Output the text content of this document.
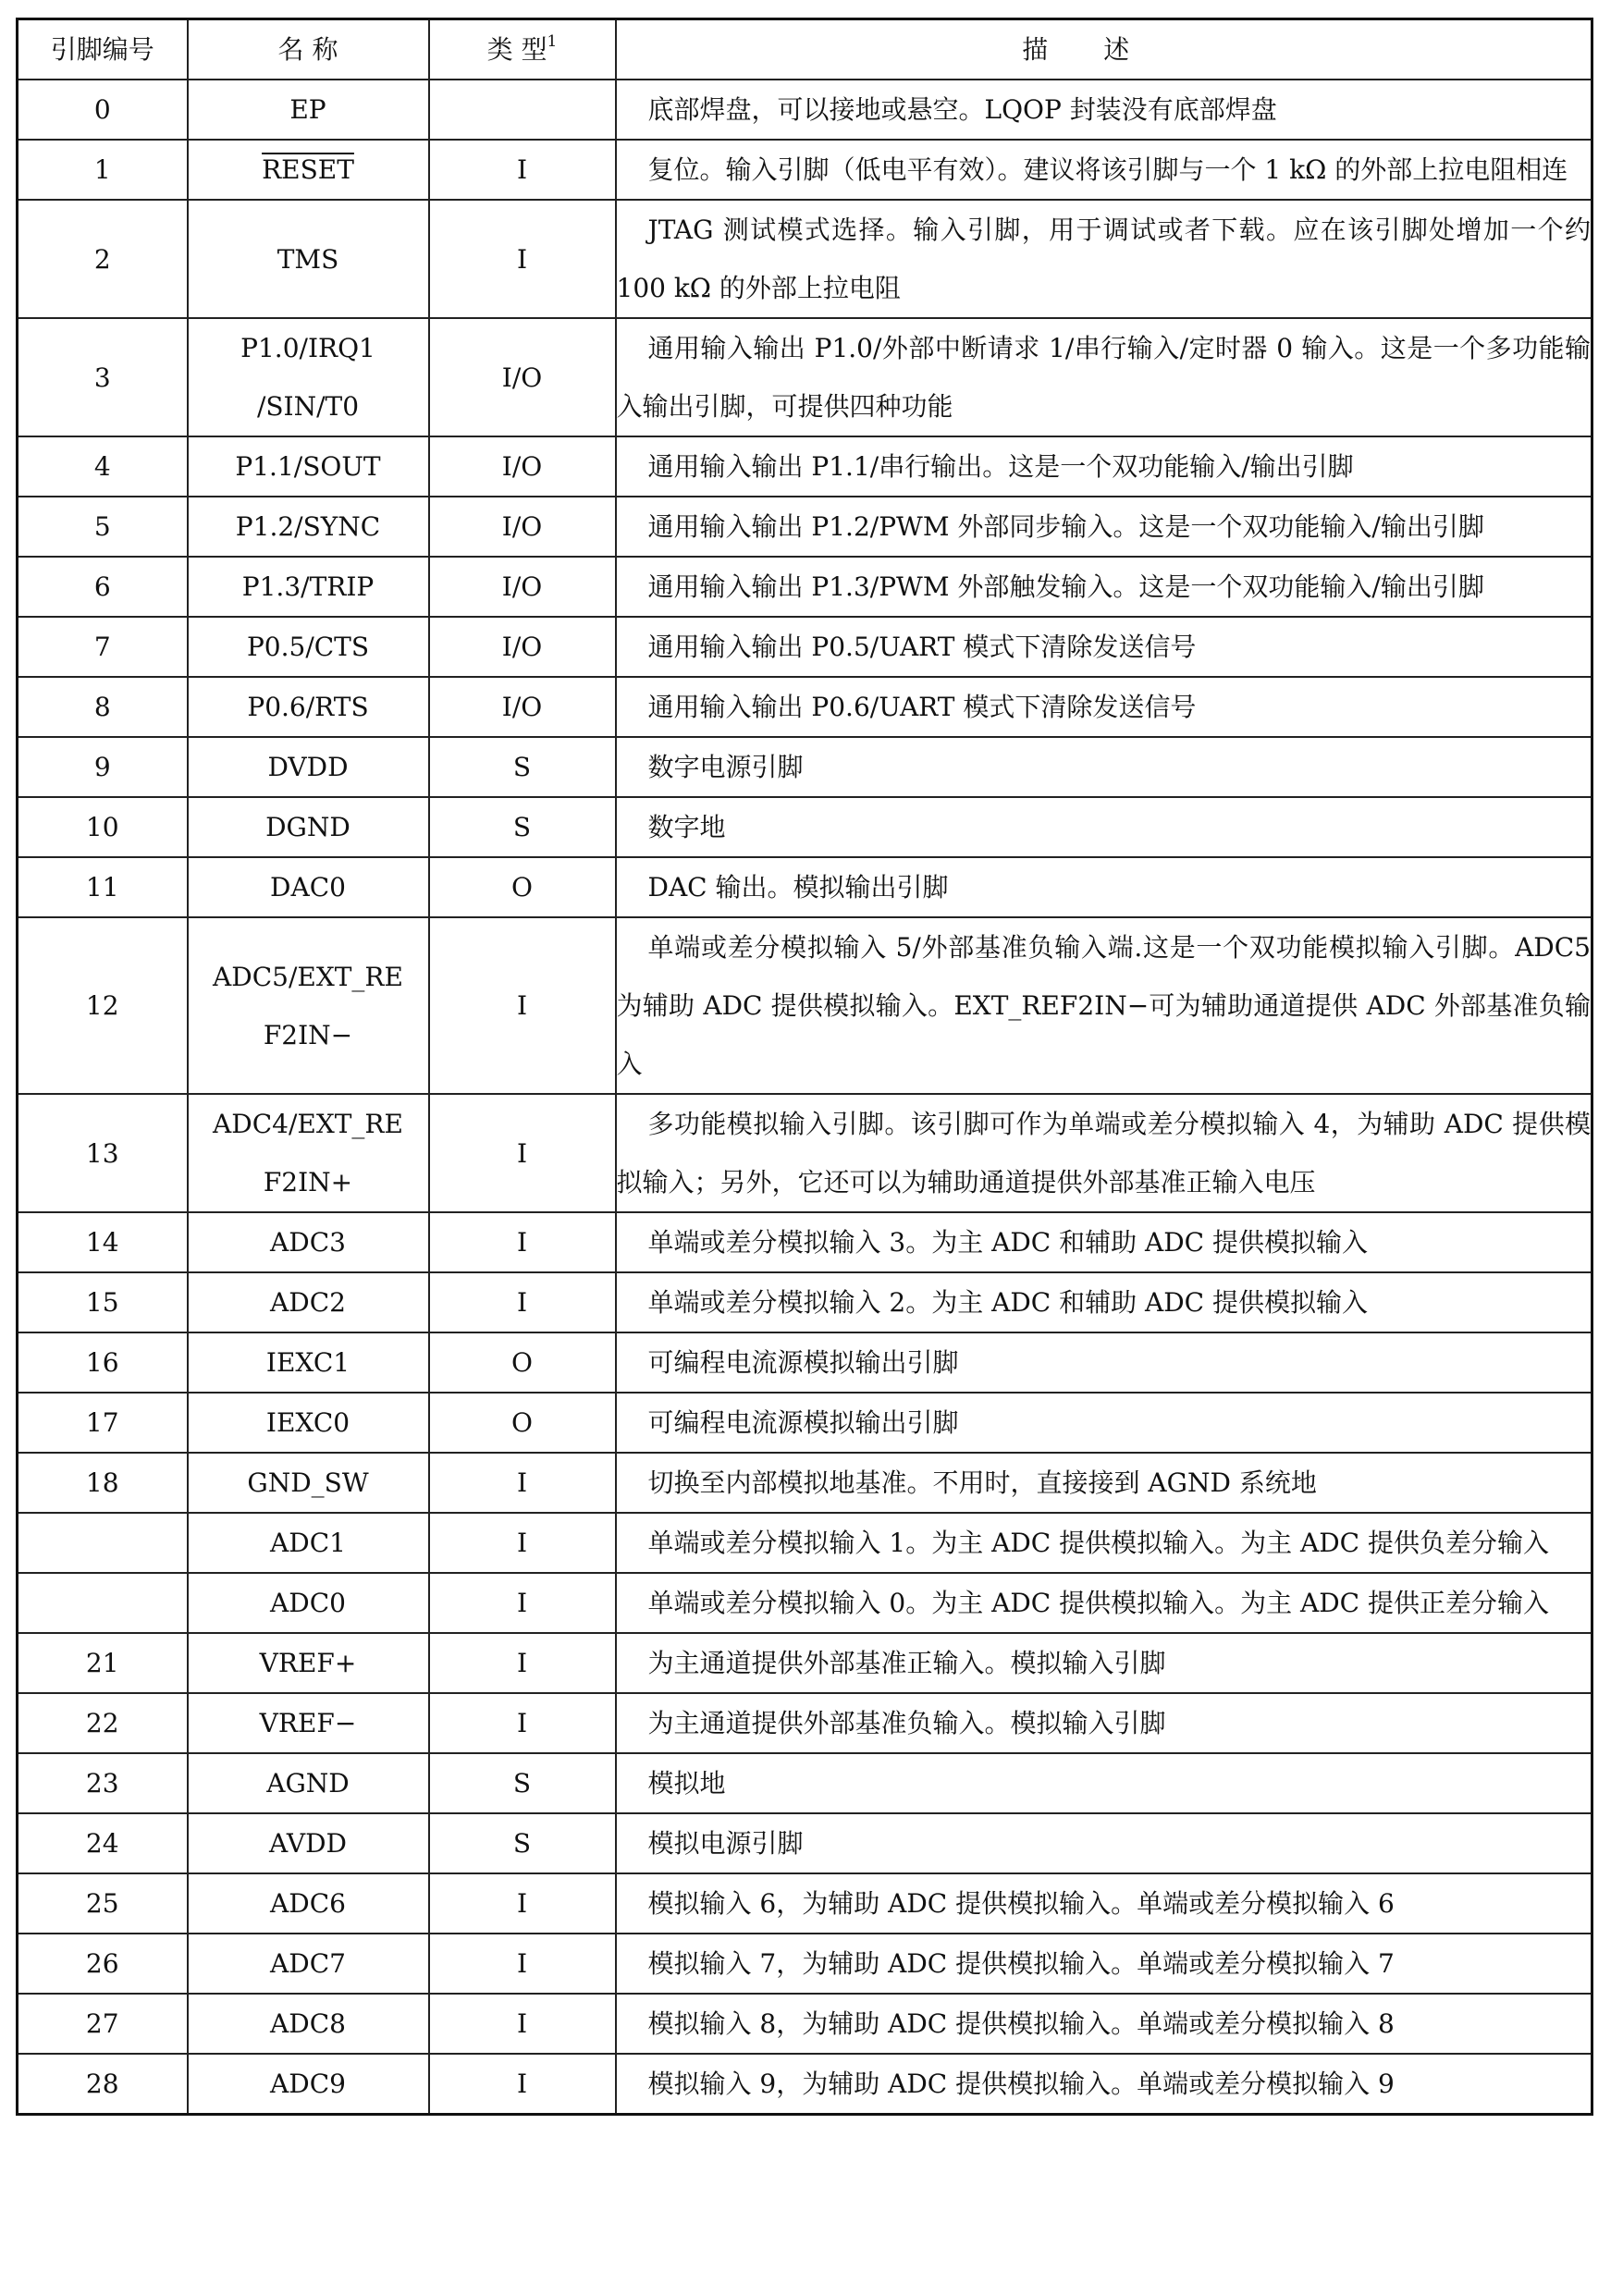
引脚编号	名 称	类 型$^1$	描述
0	EP		底部焊盘，可以接地或悬空。LQOP 封装没有底部焊盘
1	RESET	I	复位。输入引脚（低电平有效）。建议将该引脚与一个 1 kΩ 的外部上拉电阻相连
2	TMS	I	JTAG 测试模式选择。输入引脚，用于调试或者下载。应在该引脚处增加一个约 100 kΩ 的外部上拉电阻
3	P1.0/IRQ1 /SIN/T0	I/O	通用输入输出 P1.0/外部中断请求 1/串行输入/定时器 0 输入。这是一个多功能输入输出引脚，可提供四种功能
4	P1.1/SOUT	I/O	通用输入输出 P1.1/串行输出。这是一个双功能输入/输出引脚
5	P1.2/SYNC	I/O	通用输入输出 P1.2/PWM 外部同步输入。这是一个双功能输入/输出引脚
6	P1.3/TRIP	I/O	通用输入输出 P1.3/PWM 外部触发输入。这是一个双功能输入/输出引脚
7	P0.5/CTS	I/O	通用输入输出 P0.5/UART 模式下清除发送信号
8	P0.6/RTS	I/O	通用输入输出 P0.6/UART 模式下清除发送信号
9	DVDD	S	数字电源引脚
10	DGND	S	数字地
11	DAC0	O	DAC 输出。模拟输出引脚
12	ADC5/EXT_RE F2IN−	I	单端或差分模拟输入 5/外部基准负输入端.这是一个双功能模拟输入引脚。ADC5 为辅助 ADC 提供模拟输入。EXT_REF2IN−可为辅助通道提供 ADC 外部基准负输入
13	ADC4/EXT_RE F2IN+	I	多功能模拟输入引脚。该引脚可作为单端或差分模拟输入 4，为辅助 ADC 提供模拟输入；另外，它还可以为辅助通道提供外部基准正输入电压
14	ADC3	I	单端或差分模拟输入 3。为主 ADC 和辅助 ADC 提供模拟输入
15	ADC2	I	单端或差分模拟输入 2。为主 ADC 和辅助 ADC 提供模拟输入
16	IEXC1	O	可编程电流源模拟输出引脚
17	IEXC0	O	可编程电流源模拟输出引脚
18	GND_SW	I	切换至内部模拟地基准。不用时，直接接到 AGND 系统地
	ADC1	I	单端或差分模拟输入 1。为主 ADC 提供模拟输入。为主 ADC 提供负差分输入
	ADC0	I	单端或差分模拟输入 0。为主 ADC 提供模拟输入。为主 ADC 提供正差分输入
21	VREF+	I	为主通道提供外部基准正输入。模拟输入引脚
22	VREF−	I	为主通道提供外部基准负输入。模拟输入引脚
23	AGND	S	模拟地
24	AVDD	S	模拟电源引脚
25	ADC6	I	模拟输入 6，为辅助 ADC 提供模拟输入。单端或差分模拟输入 6
26	ADC7	I	模拟输入 7，为辅助 ADC 提供模拟输入。单端或差分模拟输入 7
27	ADC8	I	模拟输入 8，为辅助 ADC 提供模拟输入。单端或差分模拟输入 8
28	ADC9	I	模拟输入 9，为辅助 ADC 提供模拟输入。单端或差分模拟输入 9
